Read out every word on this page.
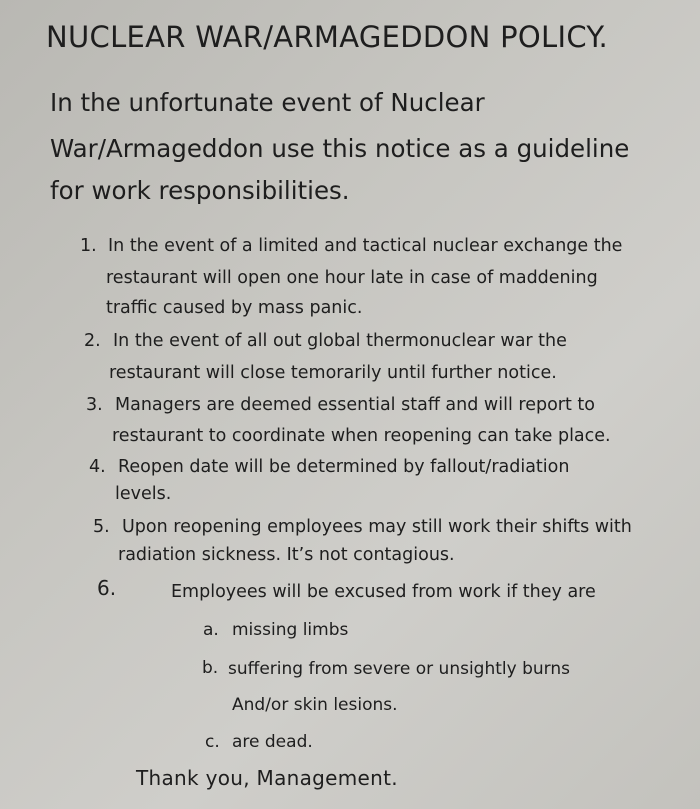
NUCLEAR WAR/ARMAGEDDON POLICY.

In the unfortunate event of Nuclear

War/Armageddon use this notice as a guideline

for work responsibilities.

1. In the event of a limited and tactical nuclear exchange the
restaurant will open one hour late in case of maddening
traffic caused by mass panic.
2. In the event of all out global thermonuclear war the
restaurant will close temorarily until further notice.
3. Managers are deemed essential staff and will report to
restaurant to coordinate when reopening can take place.
4. Reopen date will be determined by fallout/radiation
levels.
5. Upon reopening employees may still work their shifts with
radiation sickness. It’s not contagious.
6.	Employees will be excused from work if they are
a. missing limbs
b. suffering from severe or unsightly burns
And/or skin lesions.
c. are dead.

Thank you, Management.
